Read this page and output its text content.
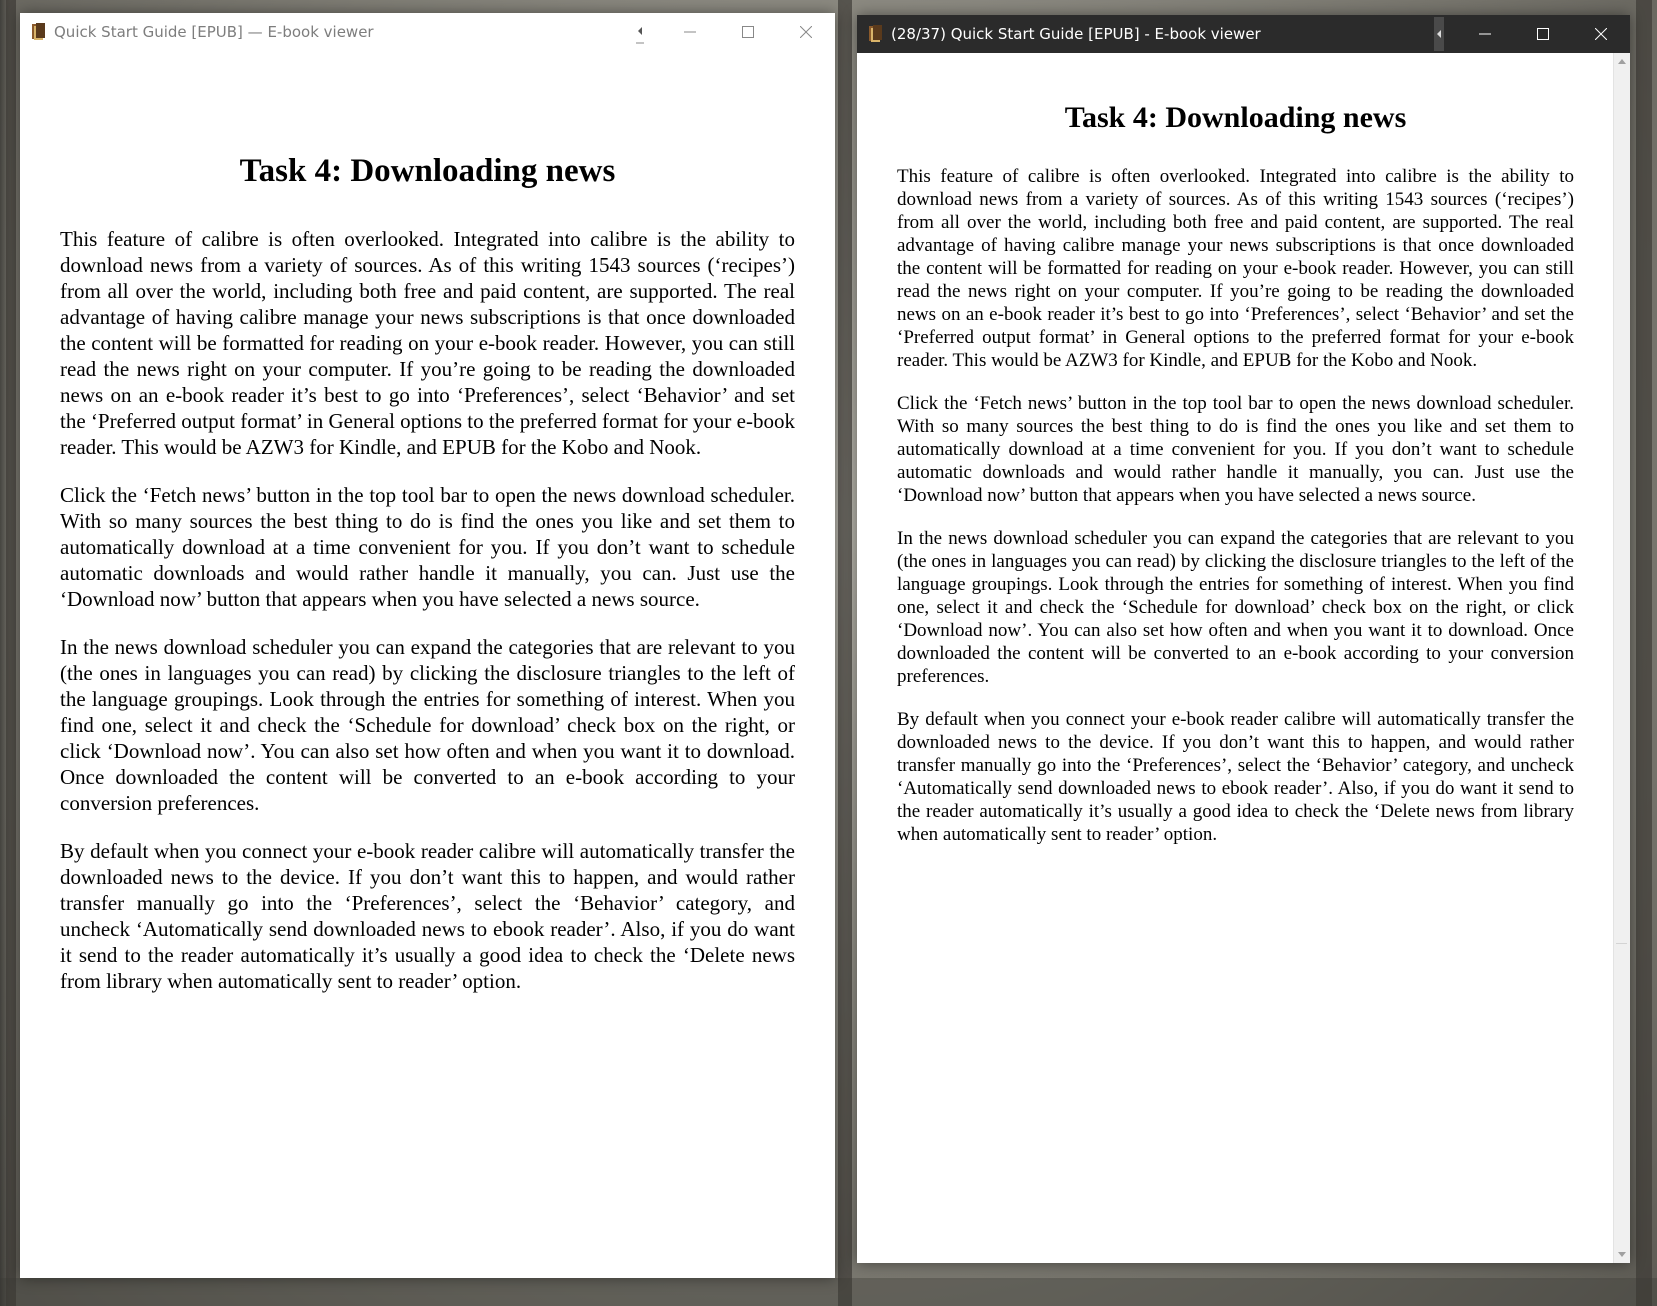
Quick Start Guide [EPUB] — E-book viewer
Task 4: Downloading news

This feature of calibre is often overlooked. Integrated into calibre is the ability to download news from a variety of sources. As of this writing 1543 sources (‘recipes’) from all over the world, including both free and paid content, are supported. The real advantage of having calibre manage your news subscriptions is that once downloaded the content will be formatted for reading on your e-book reader. However, you can still read the news right on your computer. If you’re going to be reading the downloaded news on an e-book reader it’s best to go into ‘Preferences’, select ‘Behavior’ and set the ‘Preferred output format’ in General options to the preferred format for your e-book reader. This would be AZW3 for Kindle, and EPUB for the Kobo and Nook.

Click the ‘Fetch news’ button in the top tool bar to open the news download scheduler. With so many sources the best thing to do is find the ones you like and set them to automatically download at a time convenient for you. If you don’t want to schedule automatic downloads and would rather handle it manually, you can. Just use the ‘Download now’ button that appears when you have selected a news source.

In the news download scheduler you can expand the categories that are relevant to you (the ones in languages you can read) by clicking the disclosure triangles to the left of the language groupings. Look through the entries for something of interest. When you find one, select it and check the ‘Schedule for download’ check box on the right, or click ‘Download now’. You can also set how often and when you want it to download. Once downloaded the content will be converted to an e-book according to your conversion preferences.

By default when you connect your e-book reader calibre will automatically transfer the downloaded news to the device. If you don’t want this to happen, and would rather transfer manually go into the ‘Preferences’, select the ‘Behavior’ category, and uncheck ‘Automatically send downloaded news to ebook reader’. Also, if you do want it send to the reader automatically it’s usually a good idea to check the ‘Delete news from library when automatically sent to reader’ option.

(28/37) Quick Start Guide [EPUB] - E-book viewer
Task 4: Downloading news

This feature of calibre is often overlooked. Integrated into calibre is the ability to download news from a variety of sources. As of this writing 1543 sources (‘recipes’) from all over the world, including both free and paid content, are supported. The real advantage of having calibre manage your news subscriptions is that once downloaded the content will be formatted for reading on your e-book reader. However, you can still read the news right on your computer. If you’re going to be reading the downloaded news on an e-book reader it’s best to go into ‘Preferences’, select ‘Behavior’ and set the ‘Preferred output format’ in General options to the preferred format for your e-book reader. This would be AZW3 for Kindle, and EPUB for the Kobo and Nook.

Click the ‘Fetch news’ button in the top tool bar to open the news download scheduler. With so many sources the best thing to do is find the ones you like and set them to automatically download at a time convenient for you. If you don’t want to schedule automatic downloads and would rather handle it manually, you can. Just use the ‘Download now’ button that appears when you have selected a news source.

In the news download scheduler you can expand the categories that are relevant to you (the ones in languages you can read) by clicking the disclosure triangles to the left of the language groupings. Look through the entries for something of interest. When you find one, select it and check the ‘Schedule for download’ check box on the right, or click ‘Download now’. You can also set how often and when you want it to download. Once downloaded the content will be converted to an e-book according to your conversion preferences.

By default when you connect your e-book reader calibre will automatically transfer the downloaded news to the device. If you don’t want this to happen, and would rather transfer manually go into the ‘Preferences’, select the ‘Behavior’ category, and uncheck ‘Automatically send downloaded news to ebook reader’. Also, if you do want it send to the reader automatically it’s usually a good idea to check the ‘Delete news from library when automatically sent to reader’ option.
